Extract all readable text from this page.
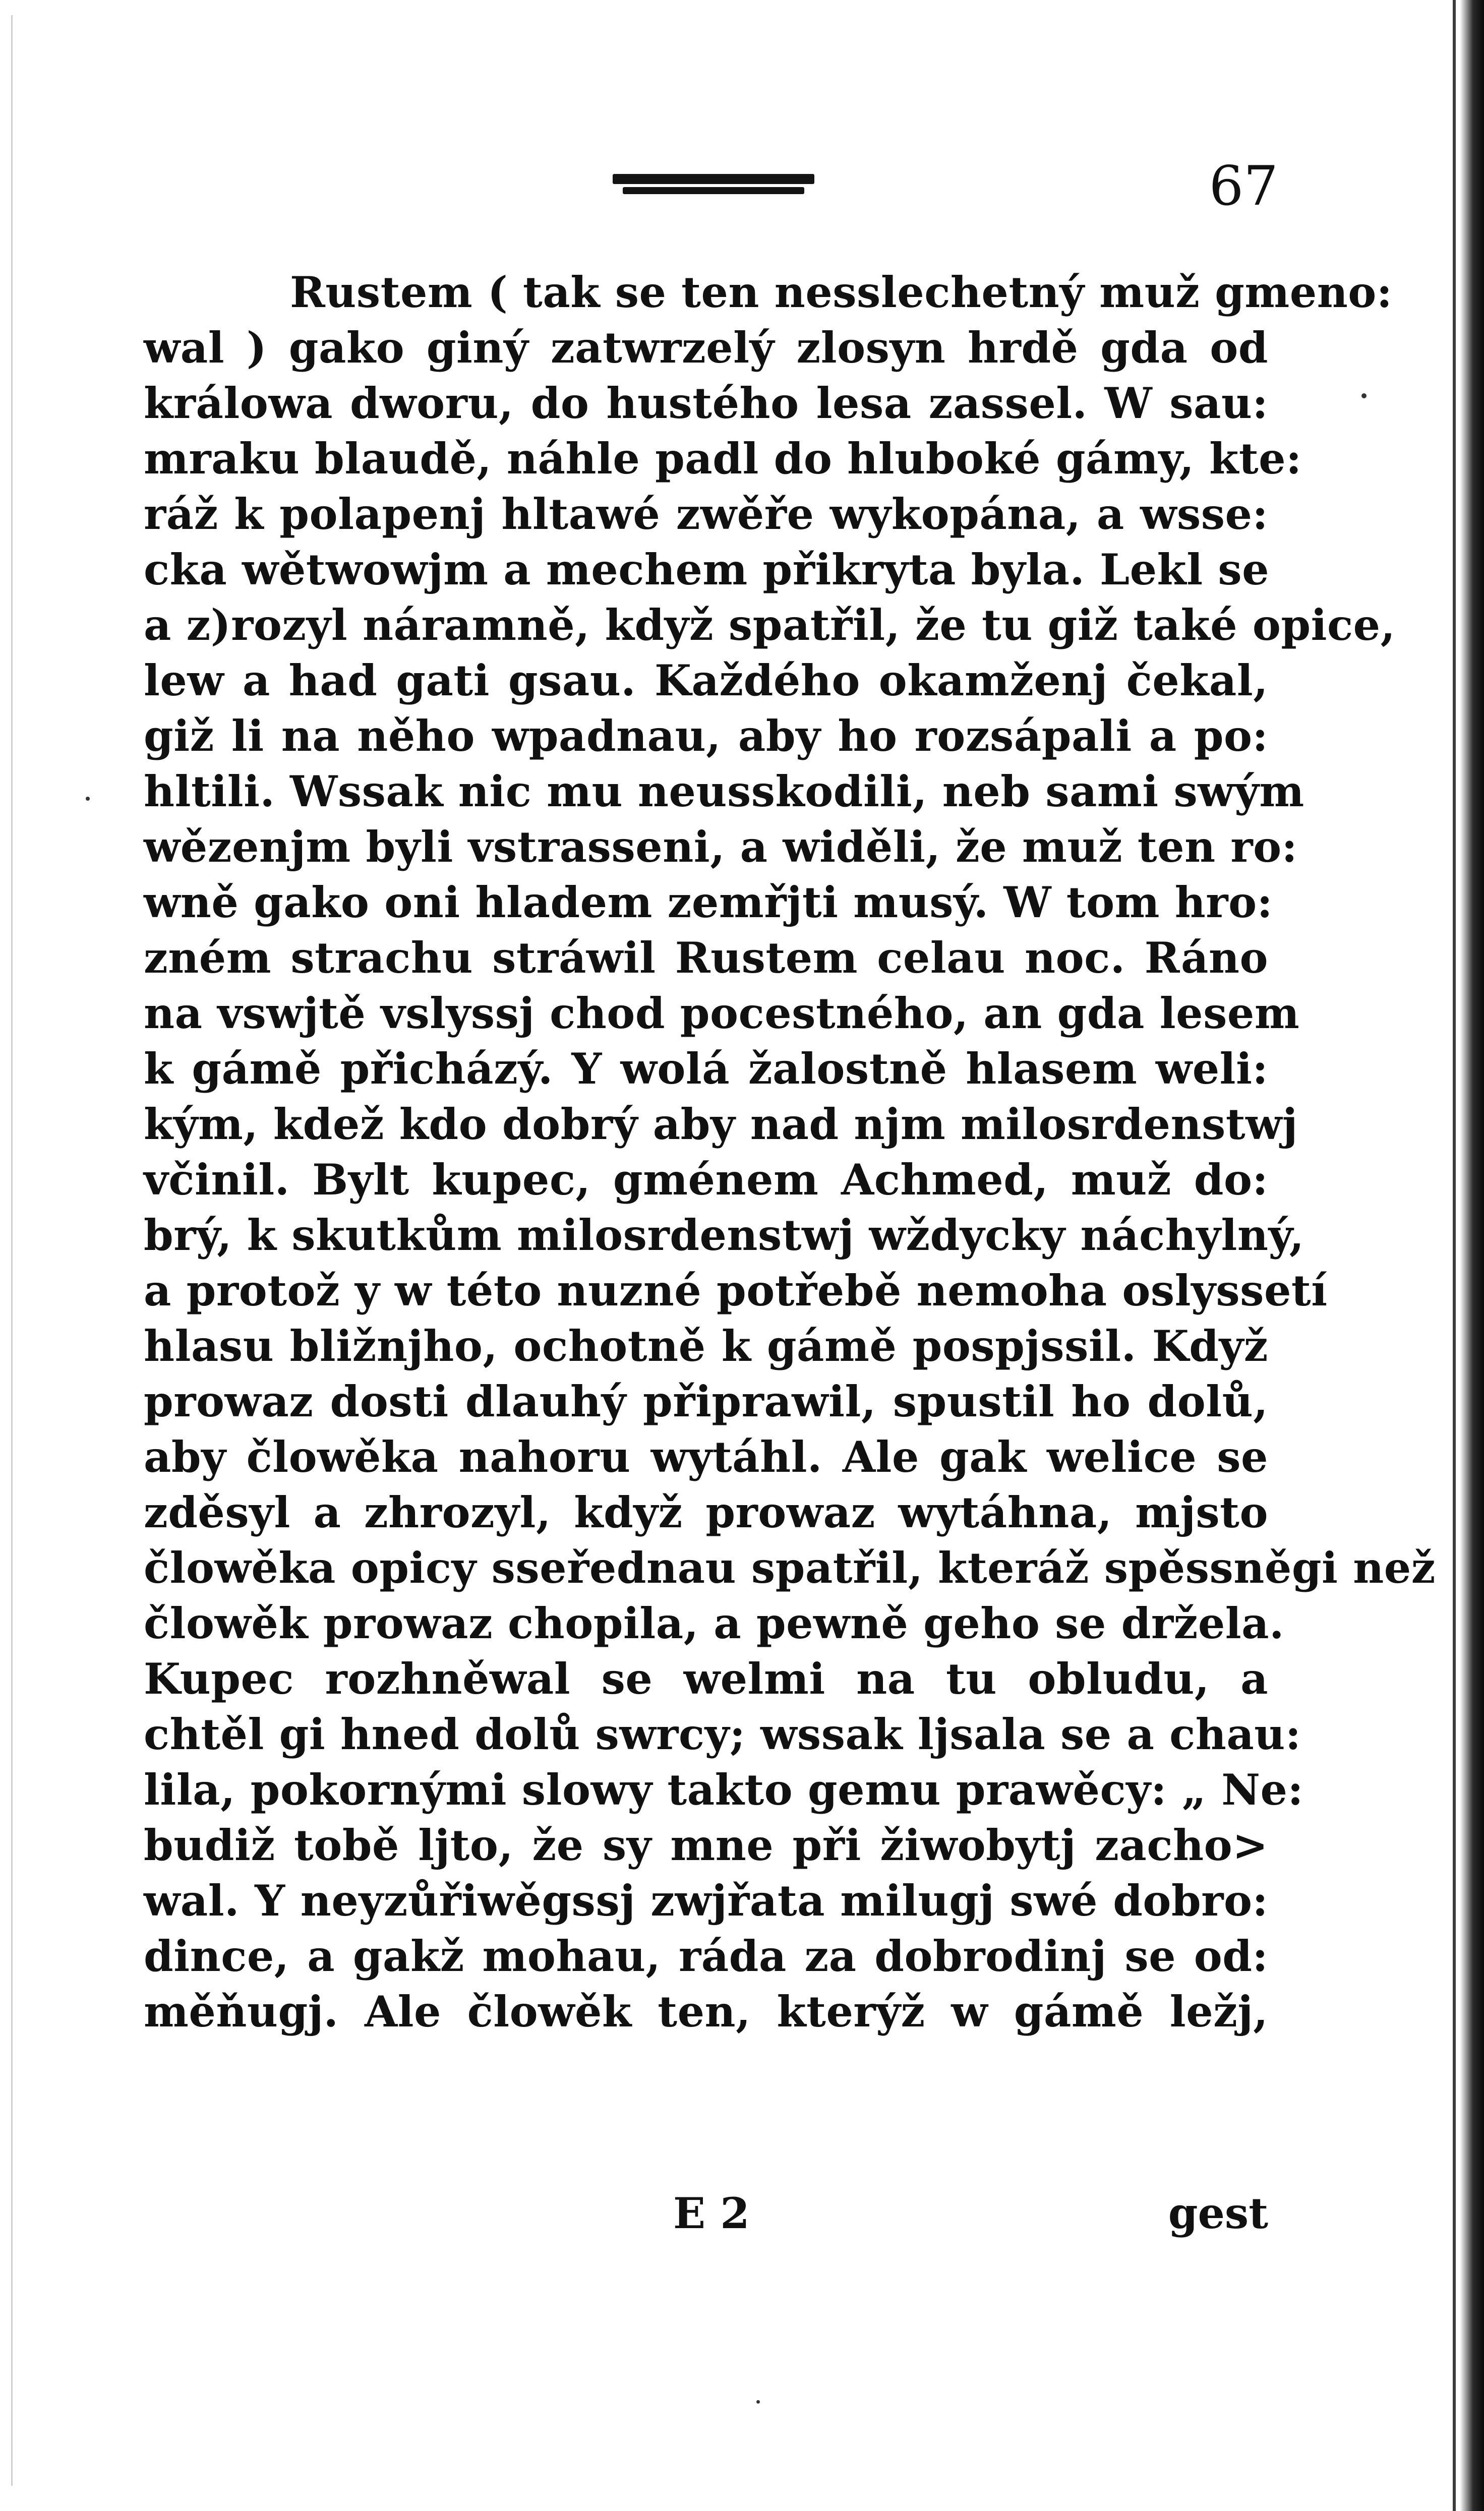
67
Rustem ( tak se ten nesslechetný muž gmeno:
wal ) gako giný zatwrzelý zlosyn hrdě gda od
králowa dworu, do hustého lesa zassel. W sau:
mraku blaudě, náhle padl do hluboké gámy, kte:
ráž k polapenj hltawé zwěře wykopána, a wsse:
cka wětwowjm a mechem přikryta byla. Lekl se
a z)rozyl náramně, když spatřil, že tu giž také opice,
lew a had gati gsau. Každého okamženj čekal,
giž li na něho wpadnau, aby ho rozsápali a po:
hltili. Wssak nic mu neusskodili, neb sami swým
wězenjm byli vstrasseni, a widěli, že muž ten ro:
wně gako oni hladem zemřjti musý. W tom hro:
zném strachu stráwil Rustem celau noc. Ráno
na vswjtě vslyssj chod pocestného, an gda lesem
k gámě přicházý. Y wolá žalostně hlasem weli:
kým, kdež kdo dobrý aby nad njm milosrdenstwj
včinil. Bylt kupec, gménem Achmed, muž do:
brý, k skutkům milosrdenstwj wždycky náchylný,
a protož y w této nuzné potřebě nemoha oslyssetí
hlasu bližnjho, ochotně k gámě pospjssil. Když
prowaz dosti dlauhý připrawil, spustil ho dolů,
aby člowěka nahoru wytáhl. Ale gak welice se
zděsyl a zhrozyl, když prowaz wytáhna, mjsto
člowěka opicy sseřednau spatřil, kteráž spěssněgi než
člowěk prowaz chopila, a pewně geho se držela.
Kupec rozhněwal se welmi na tu obludu, a
chtěl gi hned dolů swrcy; wssak ljsala se a chau:
lila, pokornými slowy takto gemu prawěcy: „ Ne:
budiž tobě ljto, že sy mne při žiwobytj zacho>
wal. Y neyzůřiwěgssj zwjřata milugj swé dobro:
dince, a gakž mohau, ráda za dobrodinj se od:
měňugj. Ale člowěk ten, kterýž w gámě ležj,
E 2	gest
